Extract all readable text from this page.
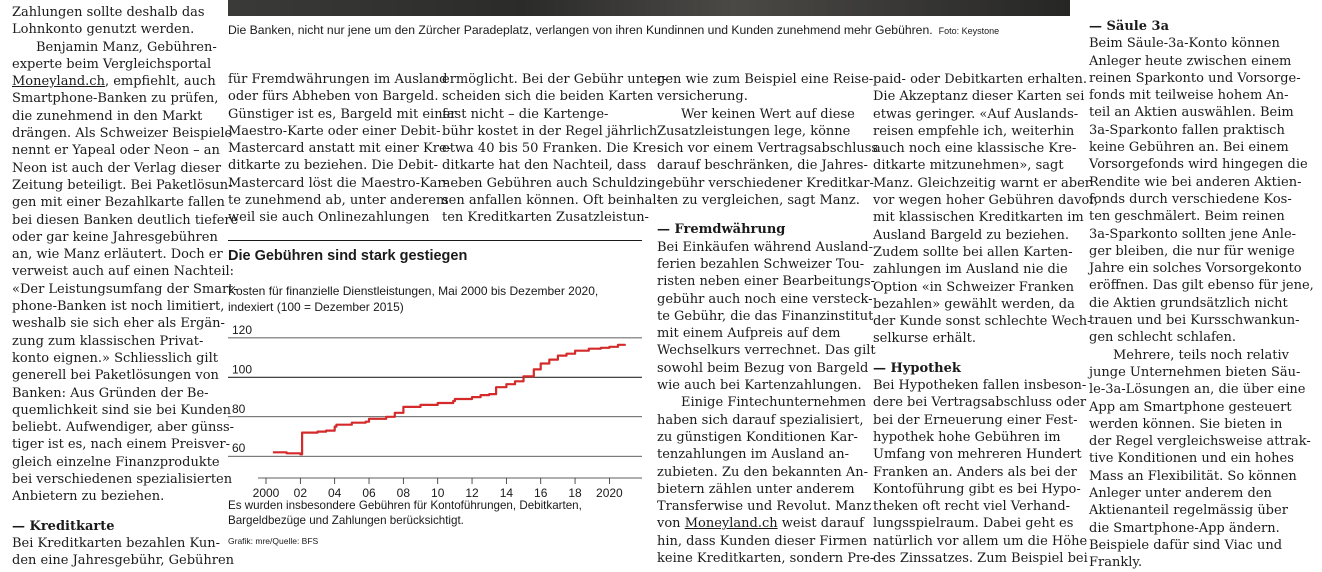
Zahlungen sollte deshalb das
Lohnkonto genutzt werden.
Benjamin Manz, Gebühren-
experte beim Vergleichsportal
Moneyland.ch, empfiehlt, auch
Smartphone-Banken zu prüfen,
die zunehmend in den Markt
drängen. Als Schweizer Beispiele
nennt er Yapeal oder Neon – an
Neon ist auch der Verlag dieser
Zeitung beteiligt. Bei Paketlösun-
gen mit einer Bezahlkarte fallen
bei diesen Banken deutlich tiefere
oder gar keine Jahresgebühren
an, wie Manz erläutert. Doch er
verweist auch auf einen Nachteil:
«Der Leistungsumfang der Smart-
phone-Banken ist noch limitiert,
weshalb sie sich eher als Ergän-
zung zum klassischen Privat-
konto eignen.» Schliesslich gilt
generell bei Paketlösungen von
Banken: Aus Gründen der Be-
quemlichkeit sind sie bei Kunden
beliebt. Aufwendiger, aber günss-
tiger ist es, nach einem Preisver-
gleich einzelne Finanzprodukte
bei verschiedenen spezialisierten
Anbietern zu beziehen.
— Kreditkarte
Bei Kreditkarten bezahlen Kun-
den eine Jahresgebühr, Gebühren
Die Banken, nicht nur jene um den Zürcher Paradeplatz, verlangen von ihren Kundinnen und Kunden zunehmend mehr Gebühren. Foto: Keystone
für Fremdwährungen im Ausland
oder fürs Abheben von Bargeld.
Günstiger ist es, Bargeld mit einer
Maestro-Karte oder einer Debit-
Mastercard anstatt mit einer Kre-
ditkarte zu beziehen. Die Debit-
Mastercard löst die Maestro-Kar-
te zunehmend ab, unter anderem
weil sie auch Onlinezahlungen
ermöglicht. Bei der Gebühr unter-
scheiden sich die beiden Karten
fast nicht – die Kartenge-
bühr kostet in der Regel jährlich
etwa 40 bis 50 Franken. Die Kre-
ditkarte hat den Nachteil, dass
neben Gebühren auch Schuldzin-
sen anfallen können. Oft beinhal-
ten Kreditkarten Zusatzleistun-
Die Gebühren sind stark gestiegen
Kosten für finanzielle Dienstleistungen, Mai 2000 bis Dezember 2020, indexiert (100 = Dezember 2015)
60
80
100
120
2000 02 04 06 08 10 12 14 16 18 2020
Es wurden insbesondere Gebühren für Kontoführungen, Debitkarten, Bargeldbezüge und Zahlungen berücksichtigt.
Grafik: mre/Quelle: BFS
gen wie zum Beispiel eine Reise-
versicherung.
Wer keinen Wert auf diese
Zusatzleistungen lege, könne
sich vor einem Vertragsabschluss
darauf beschränken, die Jahres-
gebühr verschiedener Kreditkar-
ten zu vergleichen, sagt Manz.
— Fremdwährung
Bei Einkäufen während Ausland-
ferien bezahlen Schweizer Tou-
risten neben einer Bearbeitungs-
gebühr auch noch eine versteck-
te Gebühr, die das Finanzinstitut
mit einem Aufpreis auf dem
Wechselkurs verrechnet. Das gilt
sowohl beim Bezug von Bargeld
wie auch bei Kartenzahlungen.
Einige Fintechunternehmen
haben sich darauf spezialisiert,
zu günstigen Konditionen Kar-
tenzahlungen im Ausland an-
zubieten. Zu den bekannten An-
bietern zählen unter anderem
Transferwise und Revolut. Manz
von Moneyland.ch weist darauf
hin, dass Kunden dieser Firmen
keine Kreditkarten, sondern Pre-
paid- oder Debitkarten erhalten.
Die Akzeptanz dieser Karten sei
etwas geringer. «Auf Auslands-
reisen empfehle ich, weiterhin
auch noch eine klassische Kre-
ditkarte mitzunehmen», sagt
Manz. Gleichzeitig warnt er aber
vor wegen hoher Gebühren davor,
mit klassischen Kreditkarten im
Ausland Bargeld zu beziehen.
Zudem sollte bei allen Karten-
zahlungen im Ausland nie die
Option «in Schweizer Franken
bezahlen» gewählt werden, da
der Kunde sonst schlechte Wech-
selkurse erhält.
— Hypothek
Bei Hypotheken fallen insbeson-
dere bei Vertragsabschluss oder
bei der Erneuerung einer Fest-
hypothek hohe Gebühren im
Umfang von mehreren Hundert
Franken an. Anders als bei der
Kontoführung gibt es bei Hypo-
theken oft recht viel Verhand-
lungsspielraum. Dabei geht es
natürlich vor allem um die Höhe
des Zinssatzes. Zum Beispiel bei
— Säule 3a
Beim Säule-3a-Konto können
Anleger heute zwischen einem
reinen Sparkonto und Vorsorge-
fonds mit teilweise hohem An-
teil an Aktien auswählen. Beim
3a-Sparkonto fallen praktisch
keine Gebühren an. Bei einem
Vorsorgefonds wird hingegen die
Rendite wie bei anderen Aktien-
fonds durch verschiedene Kos-
ten geschmälert. Beim reinen
3a-Sparkonto sollten jene Anle-
ger bleiben, die nur für wenige
Jahre ein solches Vorsorgekonto
eröffnen. Das gilt ebenso für jene,
die Aktien grundsätzlich nicht
trauen und bei Kursschwankun-
gen schlecht schlafen.
Mehrere, teils noch relativ
junge Unternehmen bieten Säu-
le-3a-Lösungen an, die über eine
App am Smartphone gesteuert
werden können. Sie bieten in
der Regel vergleichsweise attrak-
tive Konditionen und ein hohes
Mass an Flexibilität. So können
Anleger unter anderem den
Aktienanteil regelmässig über
die Smartphone-App ändern.
Beispiele dafür sind Viac und
Frankly.
